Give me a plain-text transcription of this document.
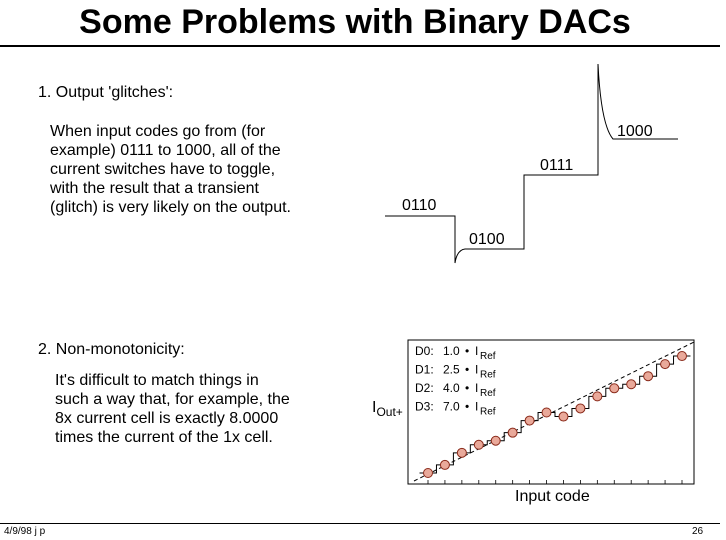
Some Problems with Binary DACs
1. Output 'glitches':
When input codes go from (for
example) 0111 to 1000, all of the
current switches have to toggle,
with the result that a transient
(glitch) is very likely on the output.	0110
0100
0111
1000
2. Non-monotonicity:
It's difficult to match things in
such a way that, for example, the
8x current cell is exactly 8.0000
times the current of the 1x cell.
$I_{Out+}$
D0: 1.0 • I Ref
D1: 2.5 • I Ref
D2: 4.0 • I Ref
D3: 7.0 • I Ref
Input code
4/9/98 j p	26
